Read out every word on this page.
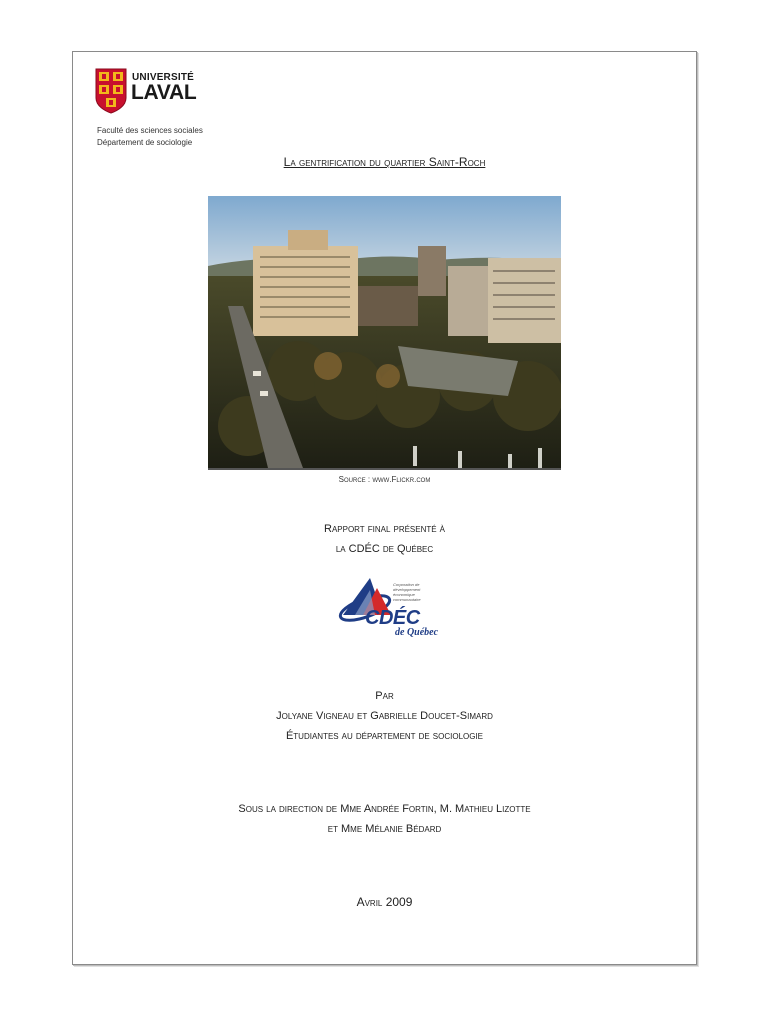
UNIVERSITÉ
LAVAL
Faculté des sciences sociales
Département de sociologie
La gentrification du quartier Saint-Roch
Source : www.Flickr.com
Rapport final présenté à
la CDÉC de Québec
Corporation de développement économique communautaire
CDÉC
de Québec
Par
Jolyane Vigneau et Gabrielle Doucet-Simard
Étudiantes au département de sociologie
Sous la direction de Mme Andrée Fortin, M. Mathieu Lizotte
et Mme Mélanie Bédard
Avril 2009
